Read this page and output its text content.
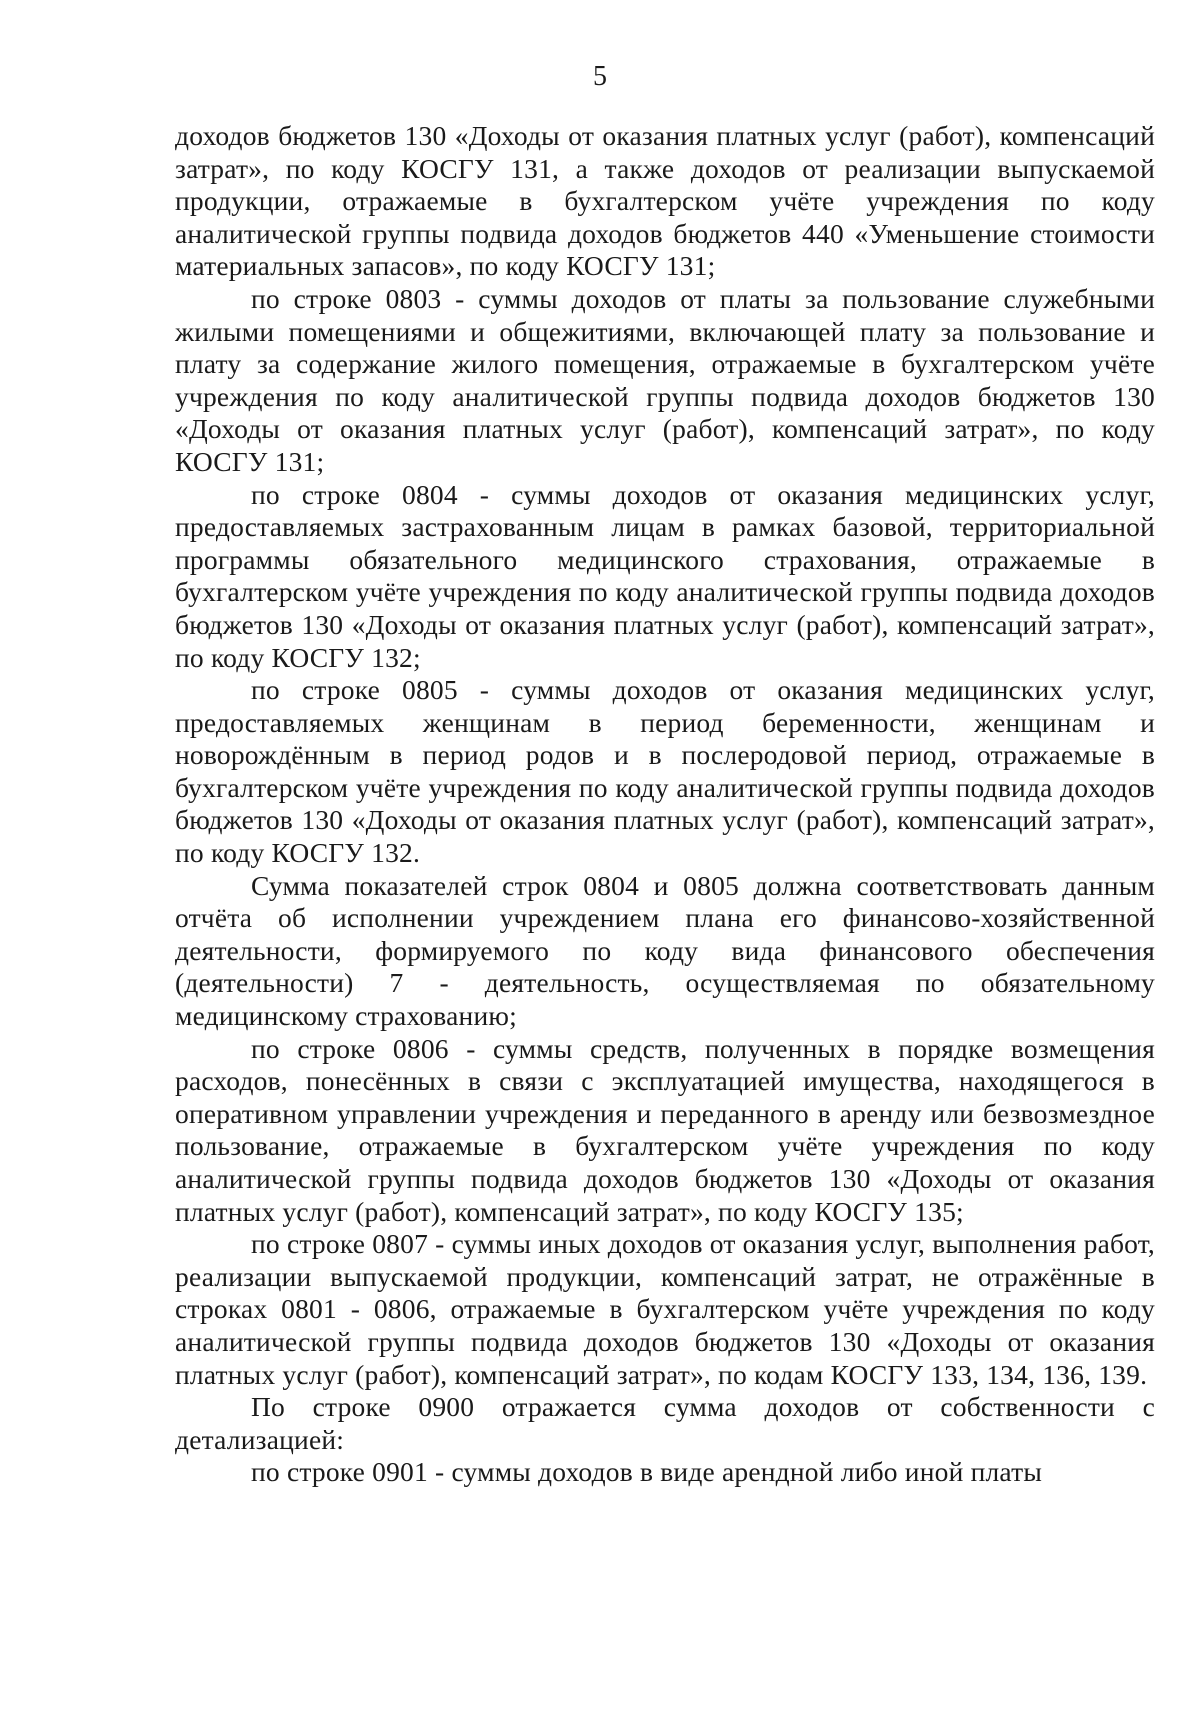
5

доходов бюджетов 130 «Доходы от оказания платных услуг (работ), компенсаций затрат», по коду КОСГУ 131, а также доходов от реализации выпускаемой продукции, отражаемые в бухгалтерском учёте учреждения по коду аналитической группы подвида доходов бюджетов 440 «Уменьшение стоимости материальных запасов», по коду КОСГУ 131;

по строке 0803 - суммы доходов от платы за пользование служебными жилыми помещениями и общежитиями, включающей плату за пользование и плату за содержание жилого помещения, отражаемые в бухгалтерском учёте учреждения по коду аналитической группы подвида доходов бюджетов 130 «Доходы от оказания платных услуг (работ), компенсаций затрат», по коду КОСГУ 131;

по строке 0804 - суммы доходов от оказания медицинских услуг, предоставляемых застрахованным лицам в рамках базовой, территориальной программы обязательного медицинского страхования, отражаемые в бухгалтерском учёте учреждения по коду аналитической группы подвида доходов бюджетов 130 «Доходы от оказания платных услуг (работ), компенсаций затрат», по коду КОСГУ 132;

по строке 0805 - суммы доходов от оказания медицинских услуг, предоставляемых женщинам в период беременности, женщинам и новорождённым в период родов и в послеродовой период, отражаемые в бухгалтерском учёте учреждения по коду аналитической группы подвида доходов бюджетов 130 «Доходы от оказания платных услуг (работ), компенсаций затрат», по коду КОСГУ 132.

Сумма показателей строк 0804 и 0805 должна соответствовать данным отчёта об исполнении учреждением плана его финансово-хозяйственной деятельности, формируемого по коду вида финансового обеспечения (деятельности) 7 - деятельность, осуществляемая по обязательному медицинскому страхованию;

по строке 0806 - суммы средств, полученных в порядке возмещения расходов, понесённых в связи с эксплуатацией имущества, находящегося в оперативном управлении учреждения и переданного в аренду или безвозмездное пользование, отражаемые в бухгалтерском учёте учреждения по коду аналитической группы подвида доходов бюджетов 130 «Доходы от оказания платных услуг (работ), компенсаций затрат», по коду КОСГУ 135;

по строке 0807 - суммы иных доходов от оказания услуг, выполнения работ, реализации выпускаемой продукции, компенсаций затрат, не отражённые в строках 0801 - 0806, отражаемые в бухгалтерском учёте учреждения по коду аналитической группы подвида доходов бюджетов 130 «Доходы от оказания платных услуг (работ), компенсаций затрат», по кодам КОСГУ 133, 134, 136, 139.

По строке 0900 отражается сумма доходов от собственности с детализацией:

по строке 0901 - суммы доходов в виде арендной либо иной платы
